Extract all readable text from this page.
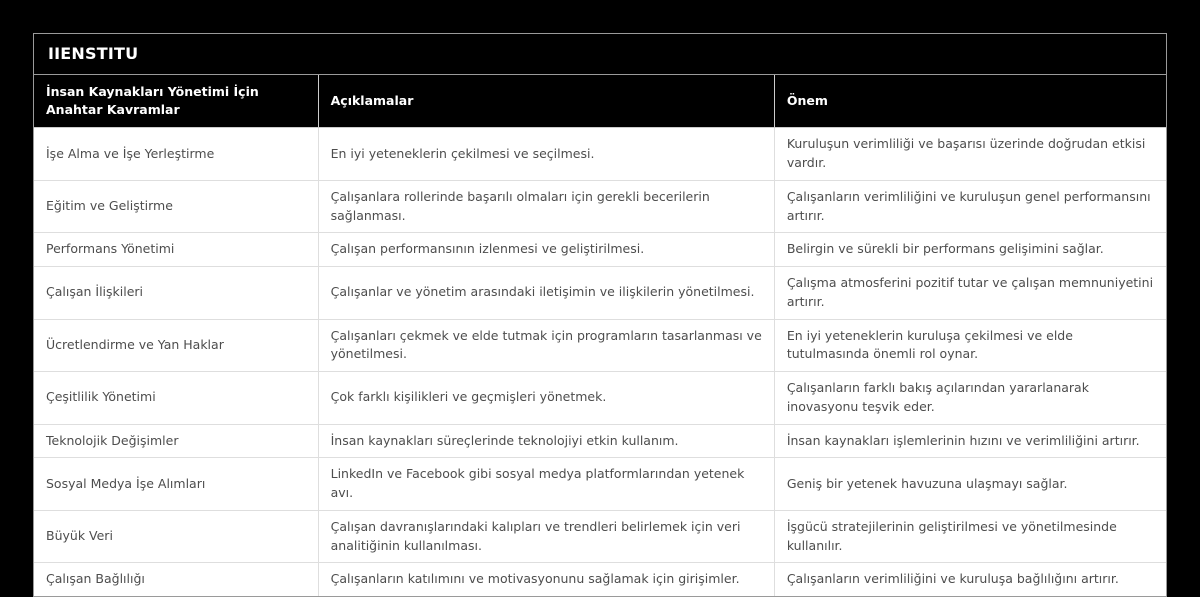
IIENSTITU
İnsan Kaynakları Yönetimi İçin Anahtar Kavramlar	Açıklamalar	Önem
İşe Alma ve İşe Yerleştirme	En iyi yeteneklerin çekilmesi ve seçilmesi.	Kuruluşun verimliliği ve başarısı üzerinde doğrudan etkisi vardır.
Eğitim ve Geliştirme	Çalışanlara rollerinde başarılı olmaları için gerekli becerilerin sağlanması.	Çalışanların verimliliğini ve kuruluşun genel performansını artırır.
Performans Yönetimi	Çalışan performansının izlenmesi ve geliştirilmesi.	Belirgin ve sürekli bir performans gelişimini sağlar.
Çalışan İlişkileri	Çalışanlar ve yönetim arasındaki iletişimin ve ilişkilerin yönetilmesi.	Çalışma atmosferini pozitif tutar ve çalışan memnuniyetini artırır.
Ücretlendirme ve Yan Haklar	Çalışanları çekmek ve elde tutmak için programların tasarlanması ve yönetilmesi.	En iyi yeteneklerin kuruluşa çekilmesi ve elde tutulmasında önemli rol oynar.
Çeşitlilik Yönetimi	Çok farklı kişilikleri ve geçmişleri yönetmek.	Çalışanların farklı bakış açılarından yararlanarak inovasyonu teşvik eder.
Teknolojik Değişimler	İnsan kaynakları süreçlerinde teknolojiyi etkin kullanım.	İnsan kaynakları işlemlerinin hızını ve verimliliğini artırır.
Sosyal Medya İşe Alımları	LinkedIn ve Facebook gibi sosyal medya platformlarından yetenek avı.	Geniş bir yetenek havuzuna ulaşmayı sağlar.
Büyük Veri	Çalışan davranışlarındaki kalıpları ve trendleri belirlemek için veri analitiğinin kullanılması.	İşgücü stratejilerinin geliştirilmesi ve yönetilmesinde kullanılır.
Çalışan Bağlılığı	Çalışanların katılımını ve motivasyonunu sağlamak için girişimler.	Çalışanların verimliliğini ve kuruluşa bağlılığını artırır.
